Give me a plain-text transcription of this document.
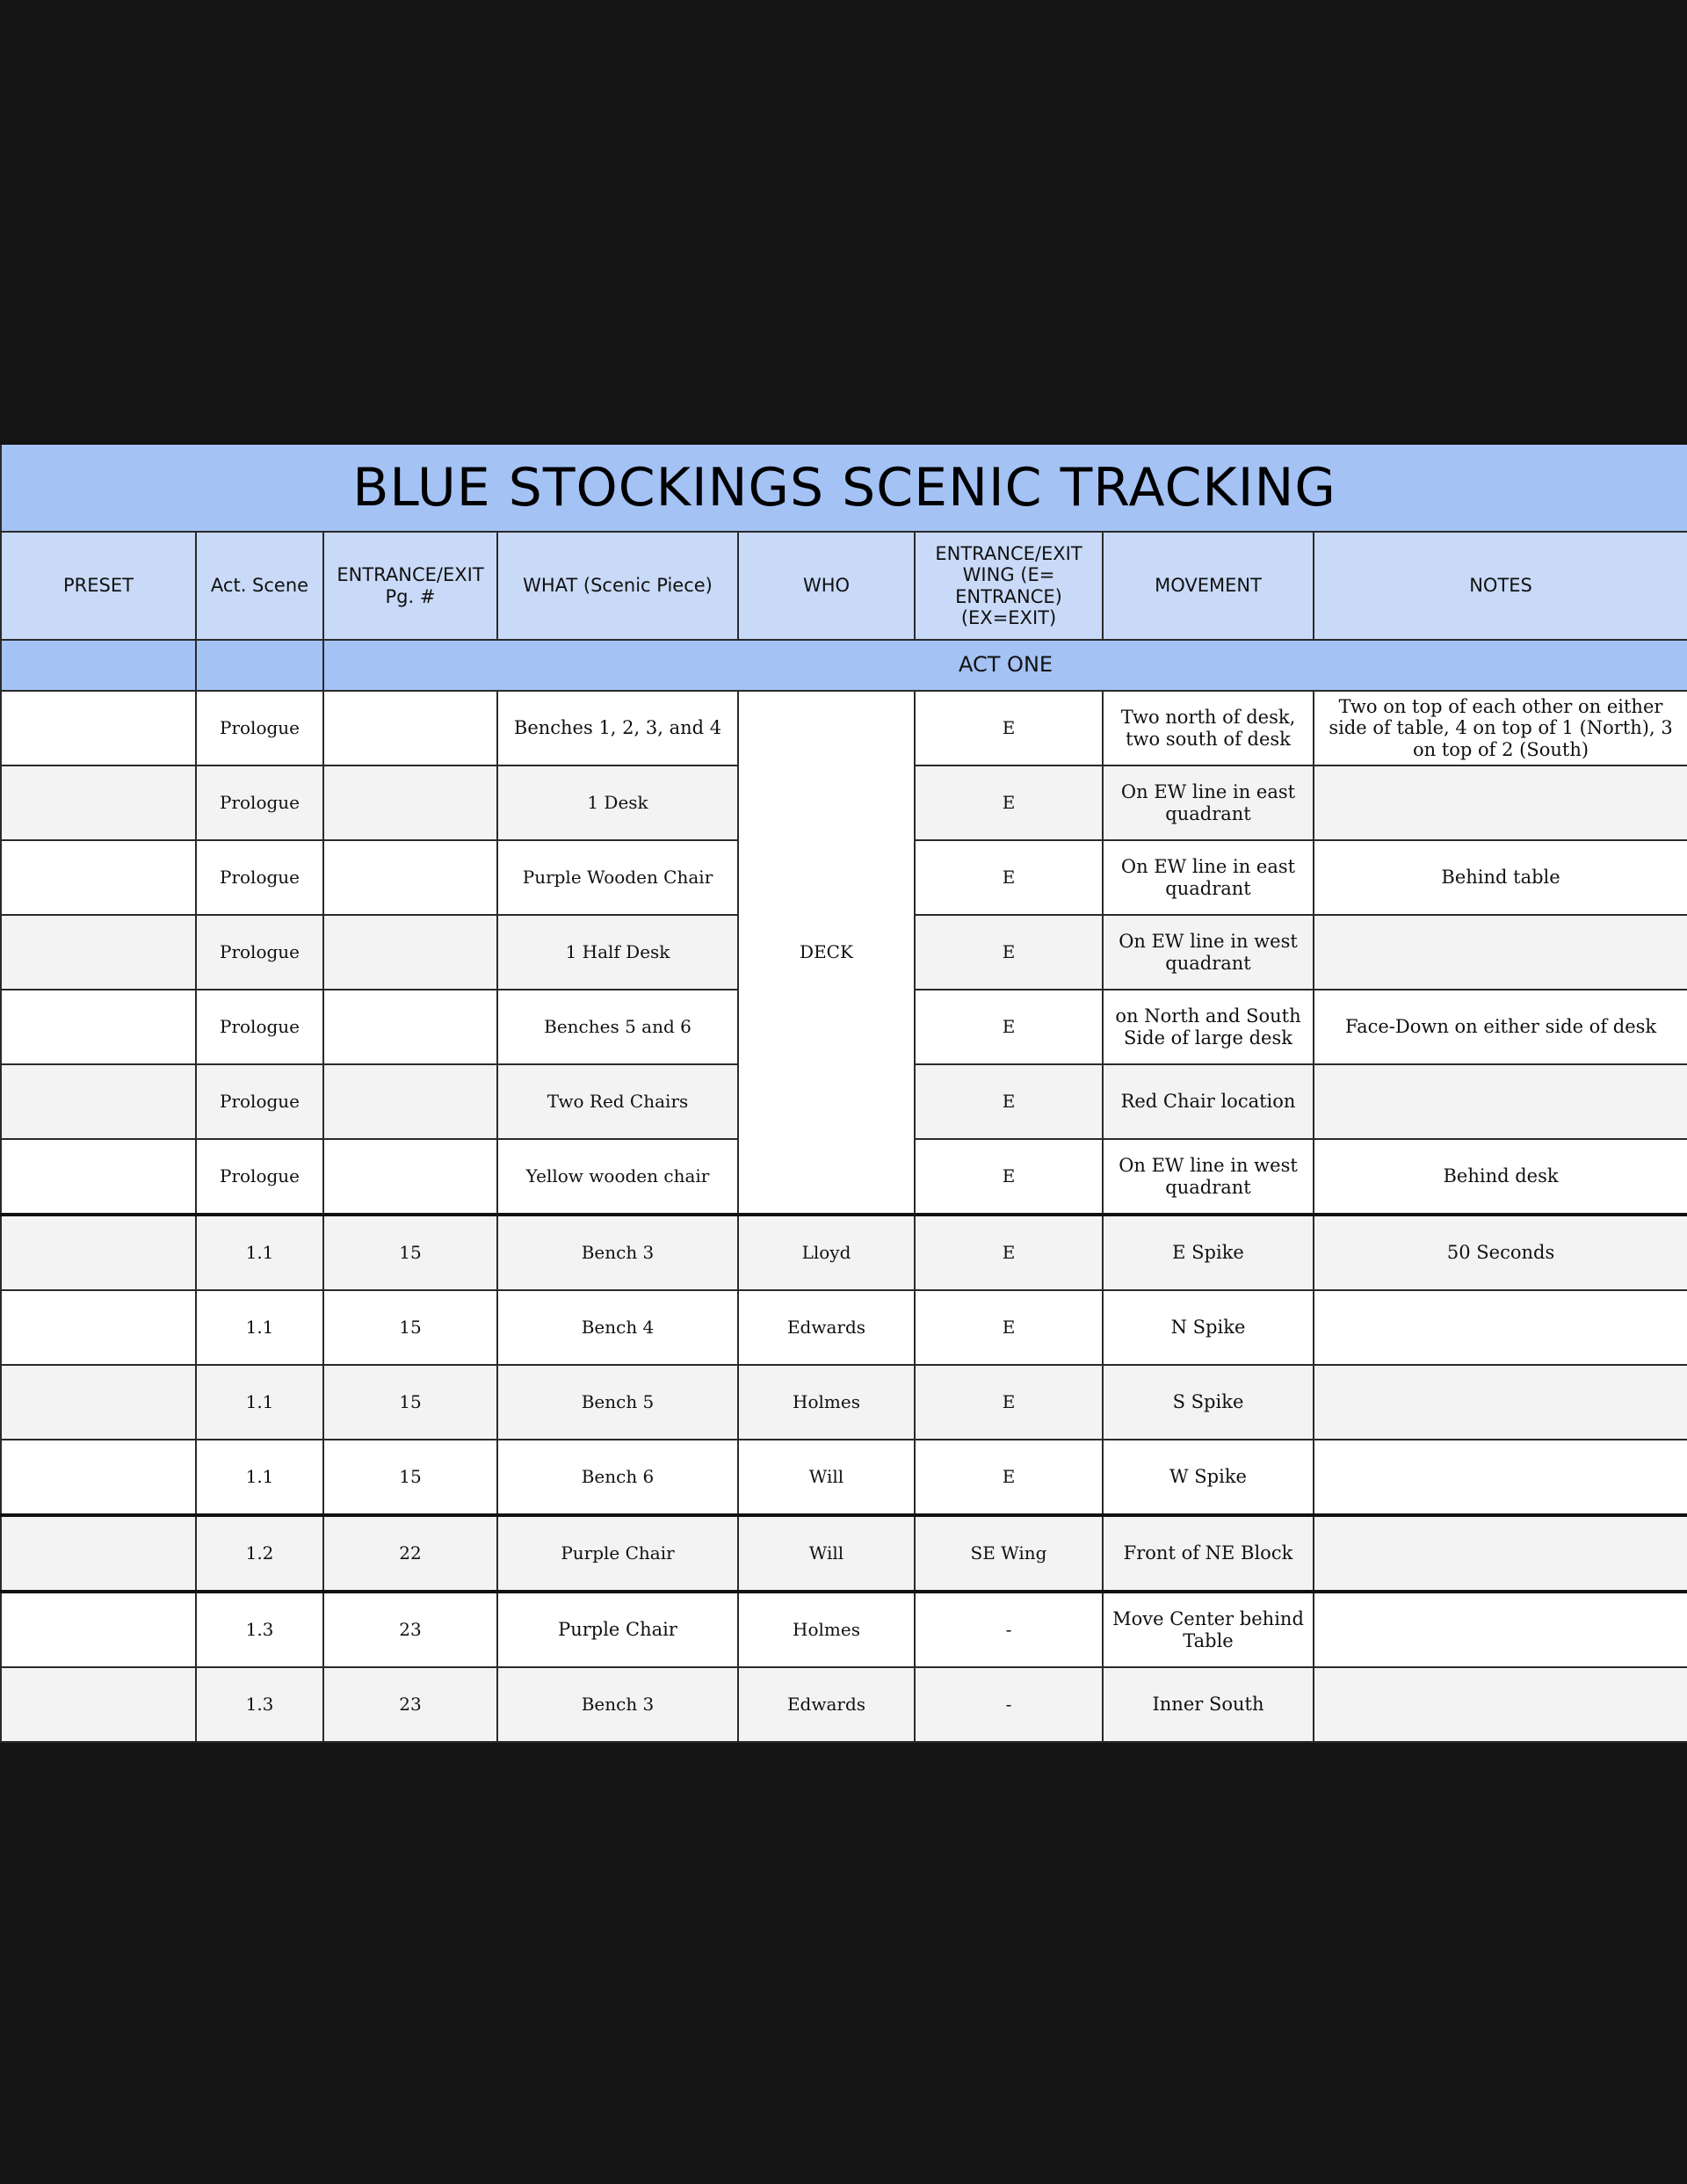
BLUE STOCKINGS SCENIC TRACKING							
PRESET	Act. Scene	ENTRANCE/EXIT Pg. #	WHAT (Scenic Piece)	WHO	ENTRANCE/EXIT WING (E= ENTRANCE) (EX=EXIT)	MOVEMENT	NOTES
		ACT ONE					
	Prologue		Benches 1, 2, 3, and 4	DECK	E	Two north of desk, two south of desk	Two on top of each other on either side of table, 4 on top of 1 (North), 3 on top of 2 (South)
	Prologue		1 Desk		E	On EW line in east quadrant	
	Prologue		Purple Wooden Chair		E	On EW line in east quadrant	Behind table
	Prologue		1 Half Desk		E	On EW line in west quadrant	
	Prologue		Benches 5 and 6		E	on North and South Side of large desk	Face-Down on either side of desk
	Prologue		Two Red Chairs		E	Red Chair location	
	Prologue		Yellow wooden chair		E	On EW line in west quadrant	Behind desk
	1.1	15	Bench 3	Lloyd	E	E Spike	50 Seconds
	1.1	15	Bench 4	Edwards	E	N Spike	
	1.1	15	Bench 5	Holmes	E	S Spike	
	1.1	15	Bench 6	Will	E	W Spike	
	1.2	22	Purple Chair	Will	SE Wing	Front of NE Block	
	1.3	23	Purple Chair	Holmes	-	Move Center behind Table	
	1.3	23	Bench 3	Edwards	-	Inner South	
